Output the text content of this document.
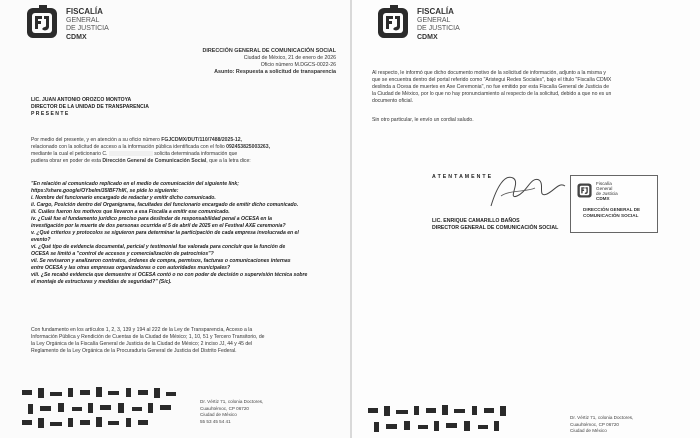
FISCALÍA
GENERAL
DE JUSTICIA
CDMX
DIRECCIÓN GENERAL DE COMUNICACIÓN SOCIAL
Ciudad de México, 21 de enero de 2026
Oficio número M.DGCS-0022-26
Asunto: Respuesta a solicitud de transparencia
LIC. JUAN ANTONIO OROZCO MONTOYA
DIRECTOR DE LA UNIDAD DE TRANSPARENCIA
P R E S E N T E
Por medio del presente, y en atención a su oficio número FGJCDMX/DUT/110/7488/2025-12,
relacionado con la solicitud de acceso a la información pública identificada con el folio 092453825003263,
mediante la cual el peticionario C.	solicita determinada información que
pudiera obrar en poder de esta Dirección General de Comunicación Social, que a la letra dice:
"En relación al comunicado replicado en el medio de comunicación del siguiente link;
https://share.google/OYbelmi35lBF7hIK, se pide lo siguiente:
i. Nombre del funcionario encargado de redactar y emitir dicho comunicado.
ii. Cargo, Posición dentro del Organigrama, facultades del funcionario encargado de emitir dicho comunicado.
iii. Cuáles fueron los motivos que llevaron a esa Fiscalía a emitir ese comunicado.
iv. ¿Cuál fue el fundamento jurídico preciso para deslindar de responsabilidad penal a OCESA en la
investigación por la muerte de dos personas ocurrida el 5 de abril de 2025 en el Festival AXE ceremonia?
v. ¿Qué criterios y protocolos se siguieron para determinar la participación de cada empresa involucrada en el
evento?
vi. ¿Qué tipo de evidencia documental, pericial y testimonial fue valorada para concluir que la función de
OCESA se limitó a "control de accesos y comercialización de patrocinios"?
vii. Se revisaron y analizaron contratos, órdenes de compra, permisos, facturas o comunicaciones internas
entre OCESA y las otras empresas organizadoras o con autoridades municipales?
viii. ¿Se recabó evidencia que demuestre si OCESA contó o no con poder de decisión o supervisión técnica sobre
el montaje de estructuras y medidas de seguridad?" (Sic).
Con fundamento en los artículos 1, 2, 3, 139 y 194 al 222 de la Ley de Transparencia, Acceso a la
Información Pública y Rendición de Cuentas de la Ciudad de México; 1, 10, 51 y Tercero Transitorio, de
la Ley Orgánica de la Fiscalía General de Justicia de la Ciudad de México; 2 inciso JJ, 44 y 45 del
Reglamento de la Ley Orgánica de la Procuraduría General de Justicia del Distrito Federal.
Dr. Vértiz 71, colonia Doctores,
Cuauhtémoc, CP 06720
Ciudad de México
55 53 45 54 41
FISCALÍA
GENERAL
DE JUSTICIA
CDMX
Al respecto, le informó que dicho documento motivo de la solicitud de información, adjunto a la misma y
que se encuentra dentro del portal referido como "Aristegui Redes Sociales", bajo el título "Fiscalía CDMX
deslinda a Ocesa de muertes en Axe Ceremonia", no fue emitido por esta Fiscalía General de Justicia de
la Ciudad de México, por lo que no hay pronunciamiento al respecto de la solicitud, debido a que no es un
documento oficial.
Sin otro particular, le envío un cordial saludo.
A T E N T A M E N T E
Fiscalía
General
de Justicia
CDMX
DIRECCIÓN GENERAL DE
COMUNICACIÓN SOCIAL
LIC. ENRIQUE CAMARILLO BAÑOS
DIRECTOR GENERAL DE COMUNICACIÓN SOCIAL
Dr. Vértiz 71, colonia Doctores,
Cuauhtémoc, CP 06720
Ciudad de México
